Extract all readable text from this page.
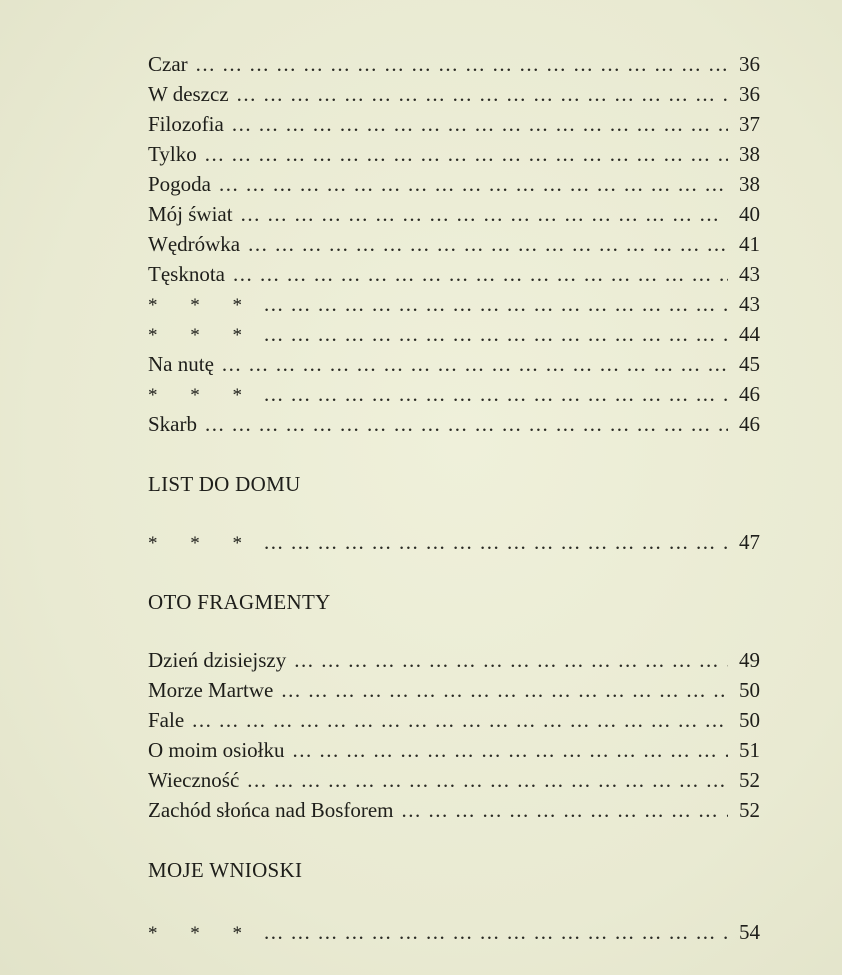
Czar ... .	36
W deszcz ... .	36
Filozofia ... .	37
Tylko ... .	38
Pogoda ... .	38
Mój świat ... .	40
Wędrówka ... .	41
Tęsknota ... .	43
* * * ... .	43
* * * ... .	44
Na nutę ... .	45
* * * ... .	46
Skarb ... .	46
LIST DO DOMU
* * * ... .	47
OTO FRAGMENTY
Dzień dzisiejszy ... .	49
Morze Martwe ... .	50
Fale ... .	50
O moim osiołku ... .	51
Wieczność ... .	52
Zachód słońca nad Bosforem ... .	52
MOJE WNIOSKI
* * * ... .	54
